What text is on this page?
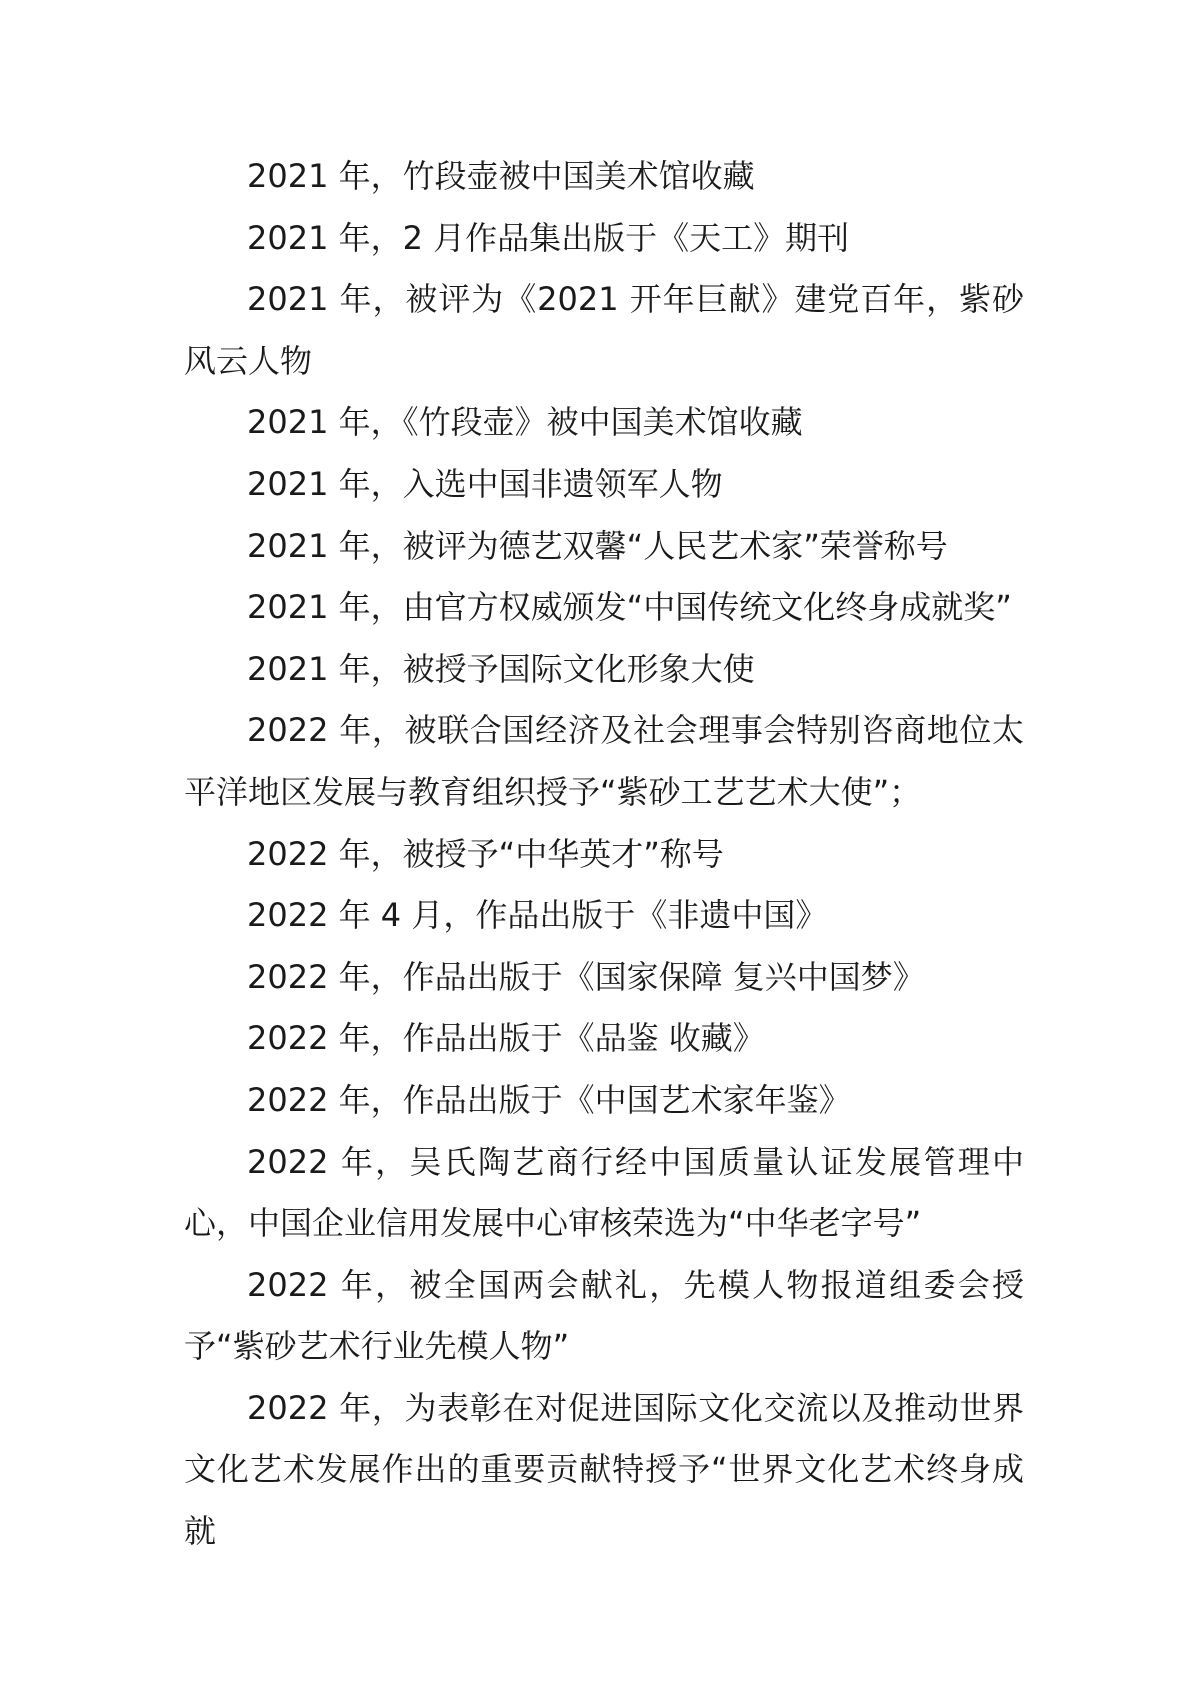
2021 年，竹段壶被中国美术馆收藏

2021 年，2 月作品集出版于《天工》期刊

2021 年，被评为《2021 开年巨献》建党百年，紫砂风云人物

2021 年，《竹段壶》被中国美术馆收藏

2021 年，入选中国非遗领军人物

2021 年，被评为德艺双馨“人民艺术家”荣誉称号

2021 年，由官方权威颁发“中国传统文化终身成就奖”

2021 年，被授予国际文化形象大使

2022 年，被联合国经济及社会理事会特别咨商地位太平洋地区发展与教育组织授予“紫砂工艺艺术大使”；

2022 年，被授予“中华英才”称号

2022 年 4 月，作品出版于《非遗中国》

2022 年，作品出版于《国家保障 复兴中国梦》

2022 年，作品出版于《品鉴 收藏》

2022 年，作品出版于《中国艺术家年鉴》

2022 年，吴氏陶艺商行经中国质量认证发展管理中心，中国企业信用发展中心审核荣选为“中华老字号”

2022 年，被全国两会献礼，先模人物报道组委会授予“紫砂艺术行业先模人物”

2022 年，为表彰在对促进国际文化交流以及推动世界文化艺术发展作出的重要贡献特授予“世界文化艺术终身成就
